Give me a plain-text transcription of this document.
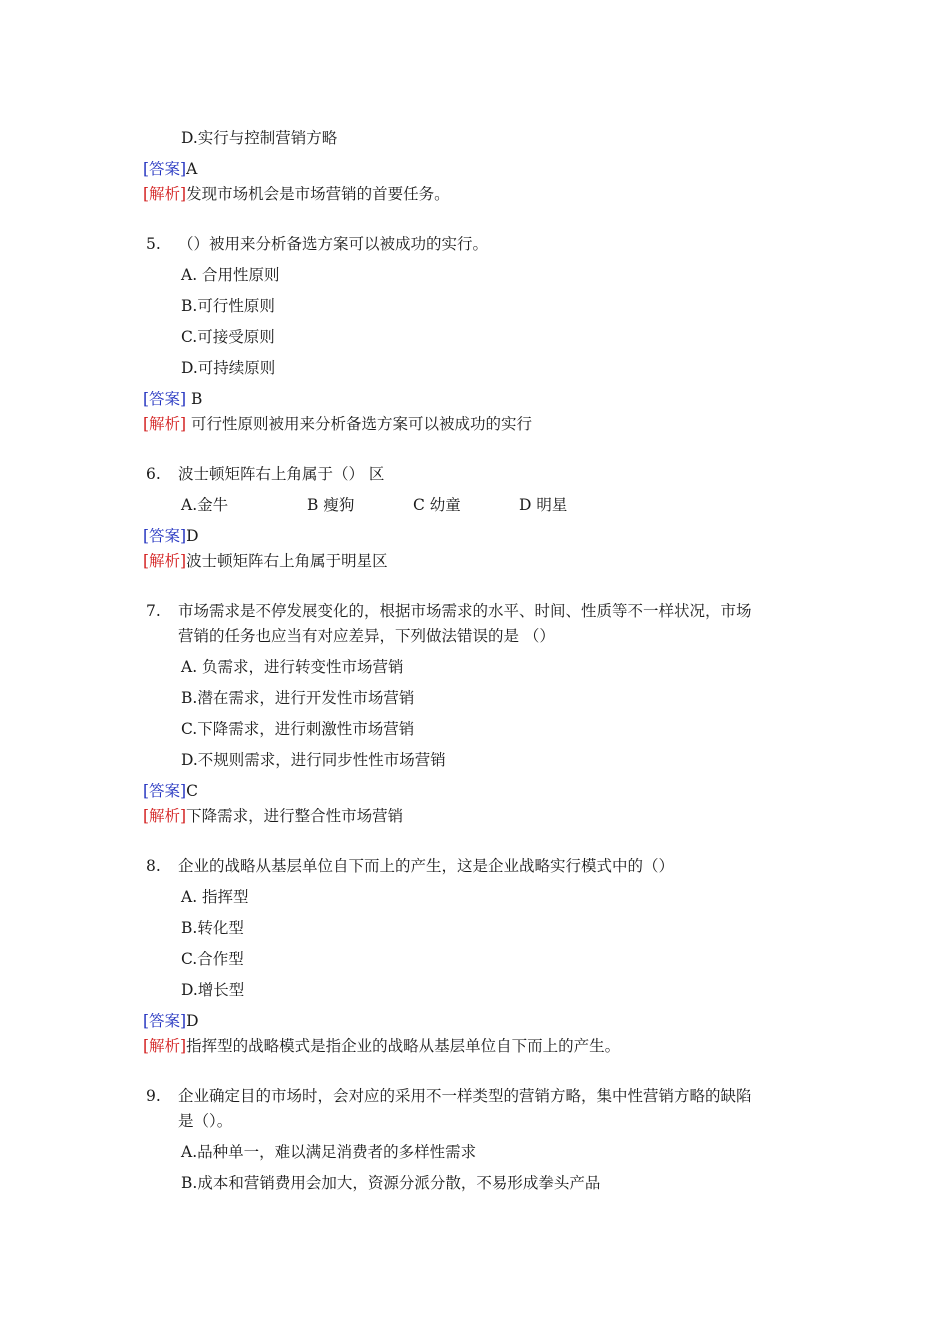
D.实行与控制营销方略
[答案]A
[解析]发现市场机会是市场营销的首要任务。
5. （）被用来分析备选方案可以被成功的实行。
A. 合用性原则
B.可行性原则
C.可接受原则
D.可持续原则
[答案] B
[解析] 可行性原则被用来分析备选方案可以被成功的实行
6. 波士顿矩阵右上角属于（） 区
A.金牛	B 瘦狗	C 幼童	D 明星
[答案]D
[解析]波士顿矩阵右上角属于明星区
7. 市场需求是不停发展变化的，根据市场需求的水平、时间、性质等不一样状况，市场
营销的任务也应当有对应差异，下列做法错误的是 （）
A. 负需求，进行转变性市场营销
B.潜在需求，进行开发性市场营销
C.下降需求，进行刺激性市场营销
D.不规则需求，进行同步性性市场营销
[答案]C
[解析]下降需求，进行整合性市场营销
8. 企业的战略从基层单位自下而上的产生，这是企业战略实行模式中的（）
A. 指挥型
B.转化型
C.合作型
D.增长型
[答案]D
[解析]指挥型的战略模式是指企业的战略从基层单位自下而上的产生。
9. 企业确定目的市场时，会对应的采用不一样类型的营销方略，集中性营销方略的缺陷
是（）。
A.品种单一，难以满足消费者的多样性需求
B.成本和营销费用会加大，资源分派分散，不易形成拳头产品
